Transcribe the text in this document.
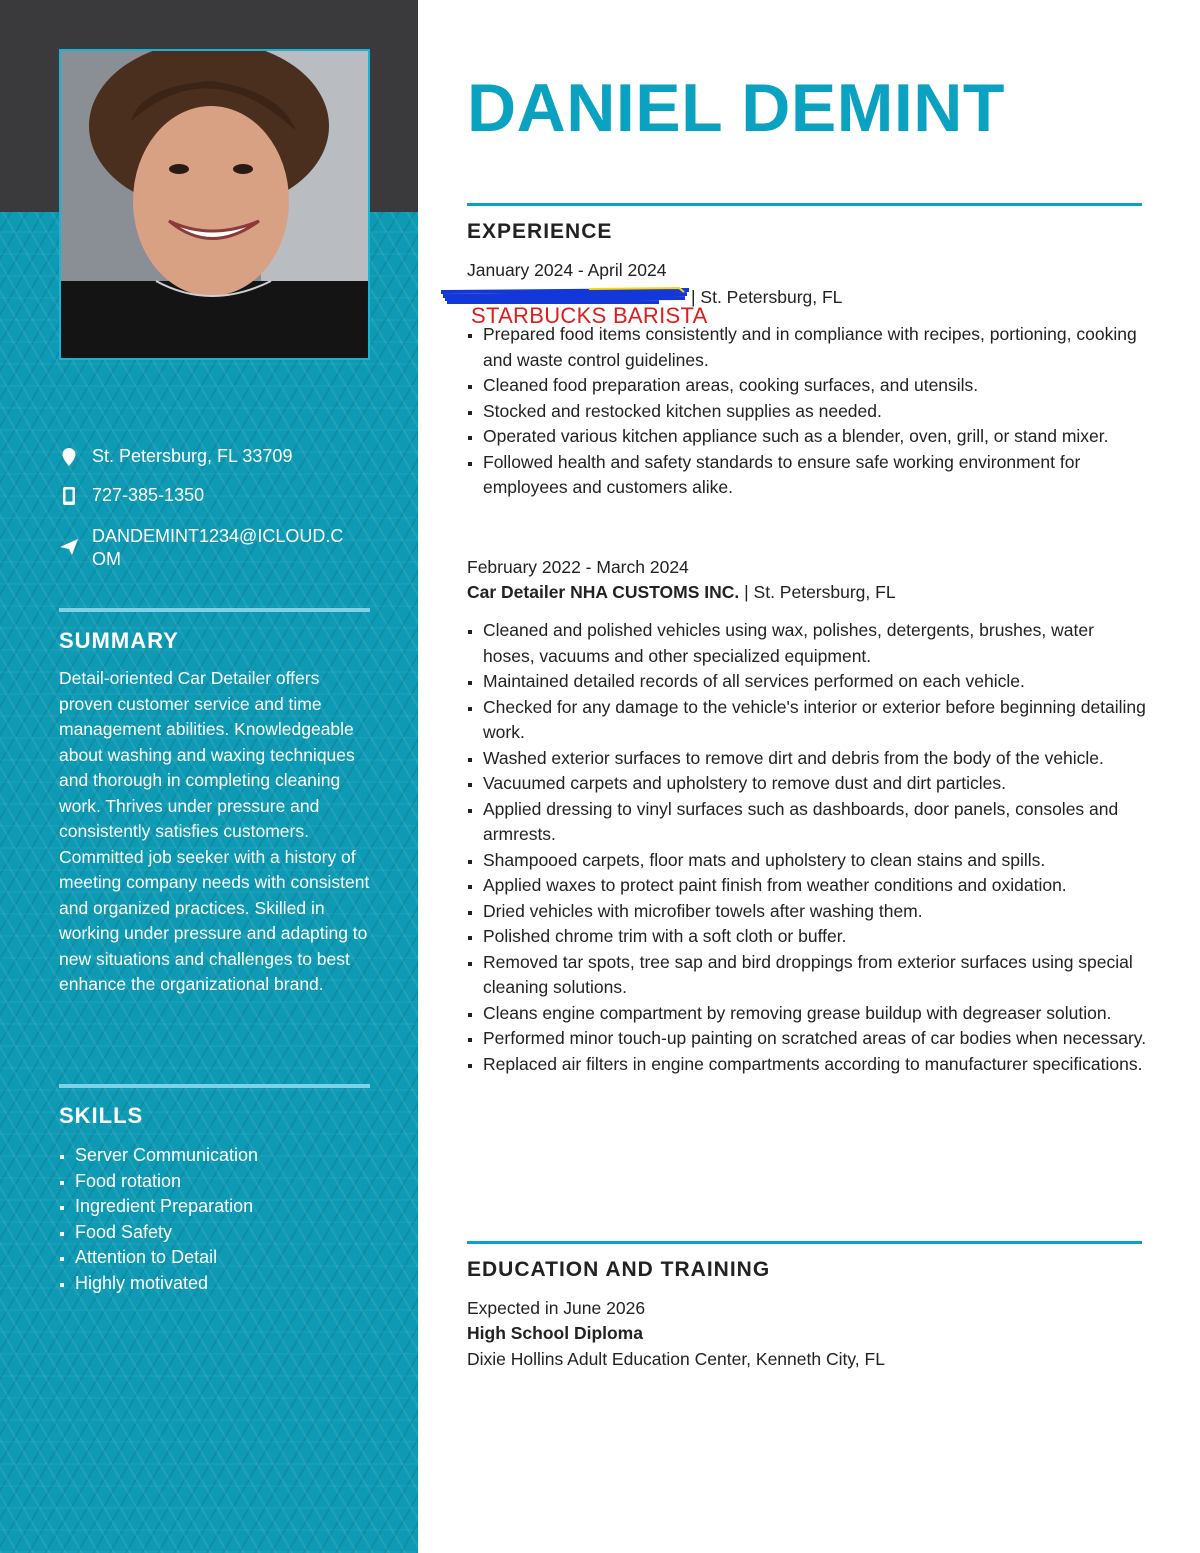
St. Petersburg, FL 33709
727-385-1350
DANDEMINT1234@ICLOUD.C
OM
SUMMARY
Detail-oriented Car Detailer offers proven customer service and time management abilities. Knowledgeable about washing and waxing techniques and thorough in completing cleaning work. Thrives under pressure and consistently satisfies customers. Committed job seeker with a history of meeting company needs with consistent and organized practices. Skilled in working under pressure and adapting to new situations and challenges to best enhance the organizational brand.
SKILLS
Server Communication
Food rotation
Ingredient Preparation
Food Safety
Attention to Detail
Highly motivated
DANIEL DEMINT
EXPERIENCE
January 2024 - April 2024
| St. Petersburg, FL
STARBUCKS BARISTA
Prepared food items consistently and in compliance with recipes, portioning, cooking and waste control guidelines.
Cleaned food preparation areas, cooking surfaces, and utensils.
Stocked and restocked kitchen supplies as needed.
Operated various kitchen appliance such as a blender, oven, grill, or stand mixer.
Followed health and safety standards to ensure safe working environment for employees and customers alike.
February 2022 - March 2024
Car Detailer NHA CUSTOMS INC. | St. Petersburg, FL
Cleaned and polished vehicles using wax, polishes, detergents, brushes, water hoses, vacuums and other specialized equipment.
Maintained detailed records of all services performed on each vehicle.
Checked for any damage to the vehicle's interior or exterior before beginning detailing work.
Washed exterior surfaces to remove dirt and debris from the body of the vehicle.
Vacuumed carpets and upholstery to remove dust and dirt particles.
Applied dressing to vinyl surfaces such as dashboards, door panels, consoles and armrests.
Shampooed carpets, floor mats and upholstery to clean stains and spills.
Applied waxes to protect paint finish from weather conditions and oxidation.
Dried vehicles with microfiber towels after washing them.
Polished chrome trim with a soft cloth or buffer.
Removed tar spots, tree sap and bird droppings from exterior surfaces using special cleaning solutions.
Cleans engine compartment by removing grease buildup with degreaser solution.
Performed minor touch-up painting on scratched areas of car bodies when necessary.
Replaced air filters in engine compartments according to manufacturer specifications.
EDUCATION AND TRAINING
Expected in June 2026
High School Diploma
Dixie Hollins Adult Education Center, Kenneth City, FL
